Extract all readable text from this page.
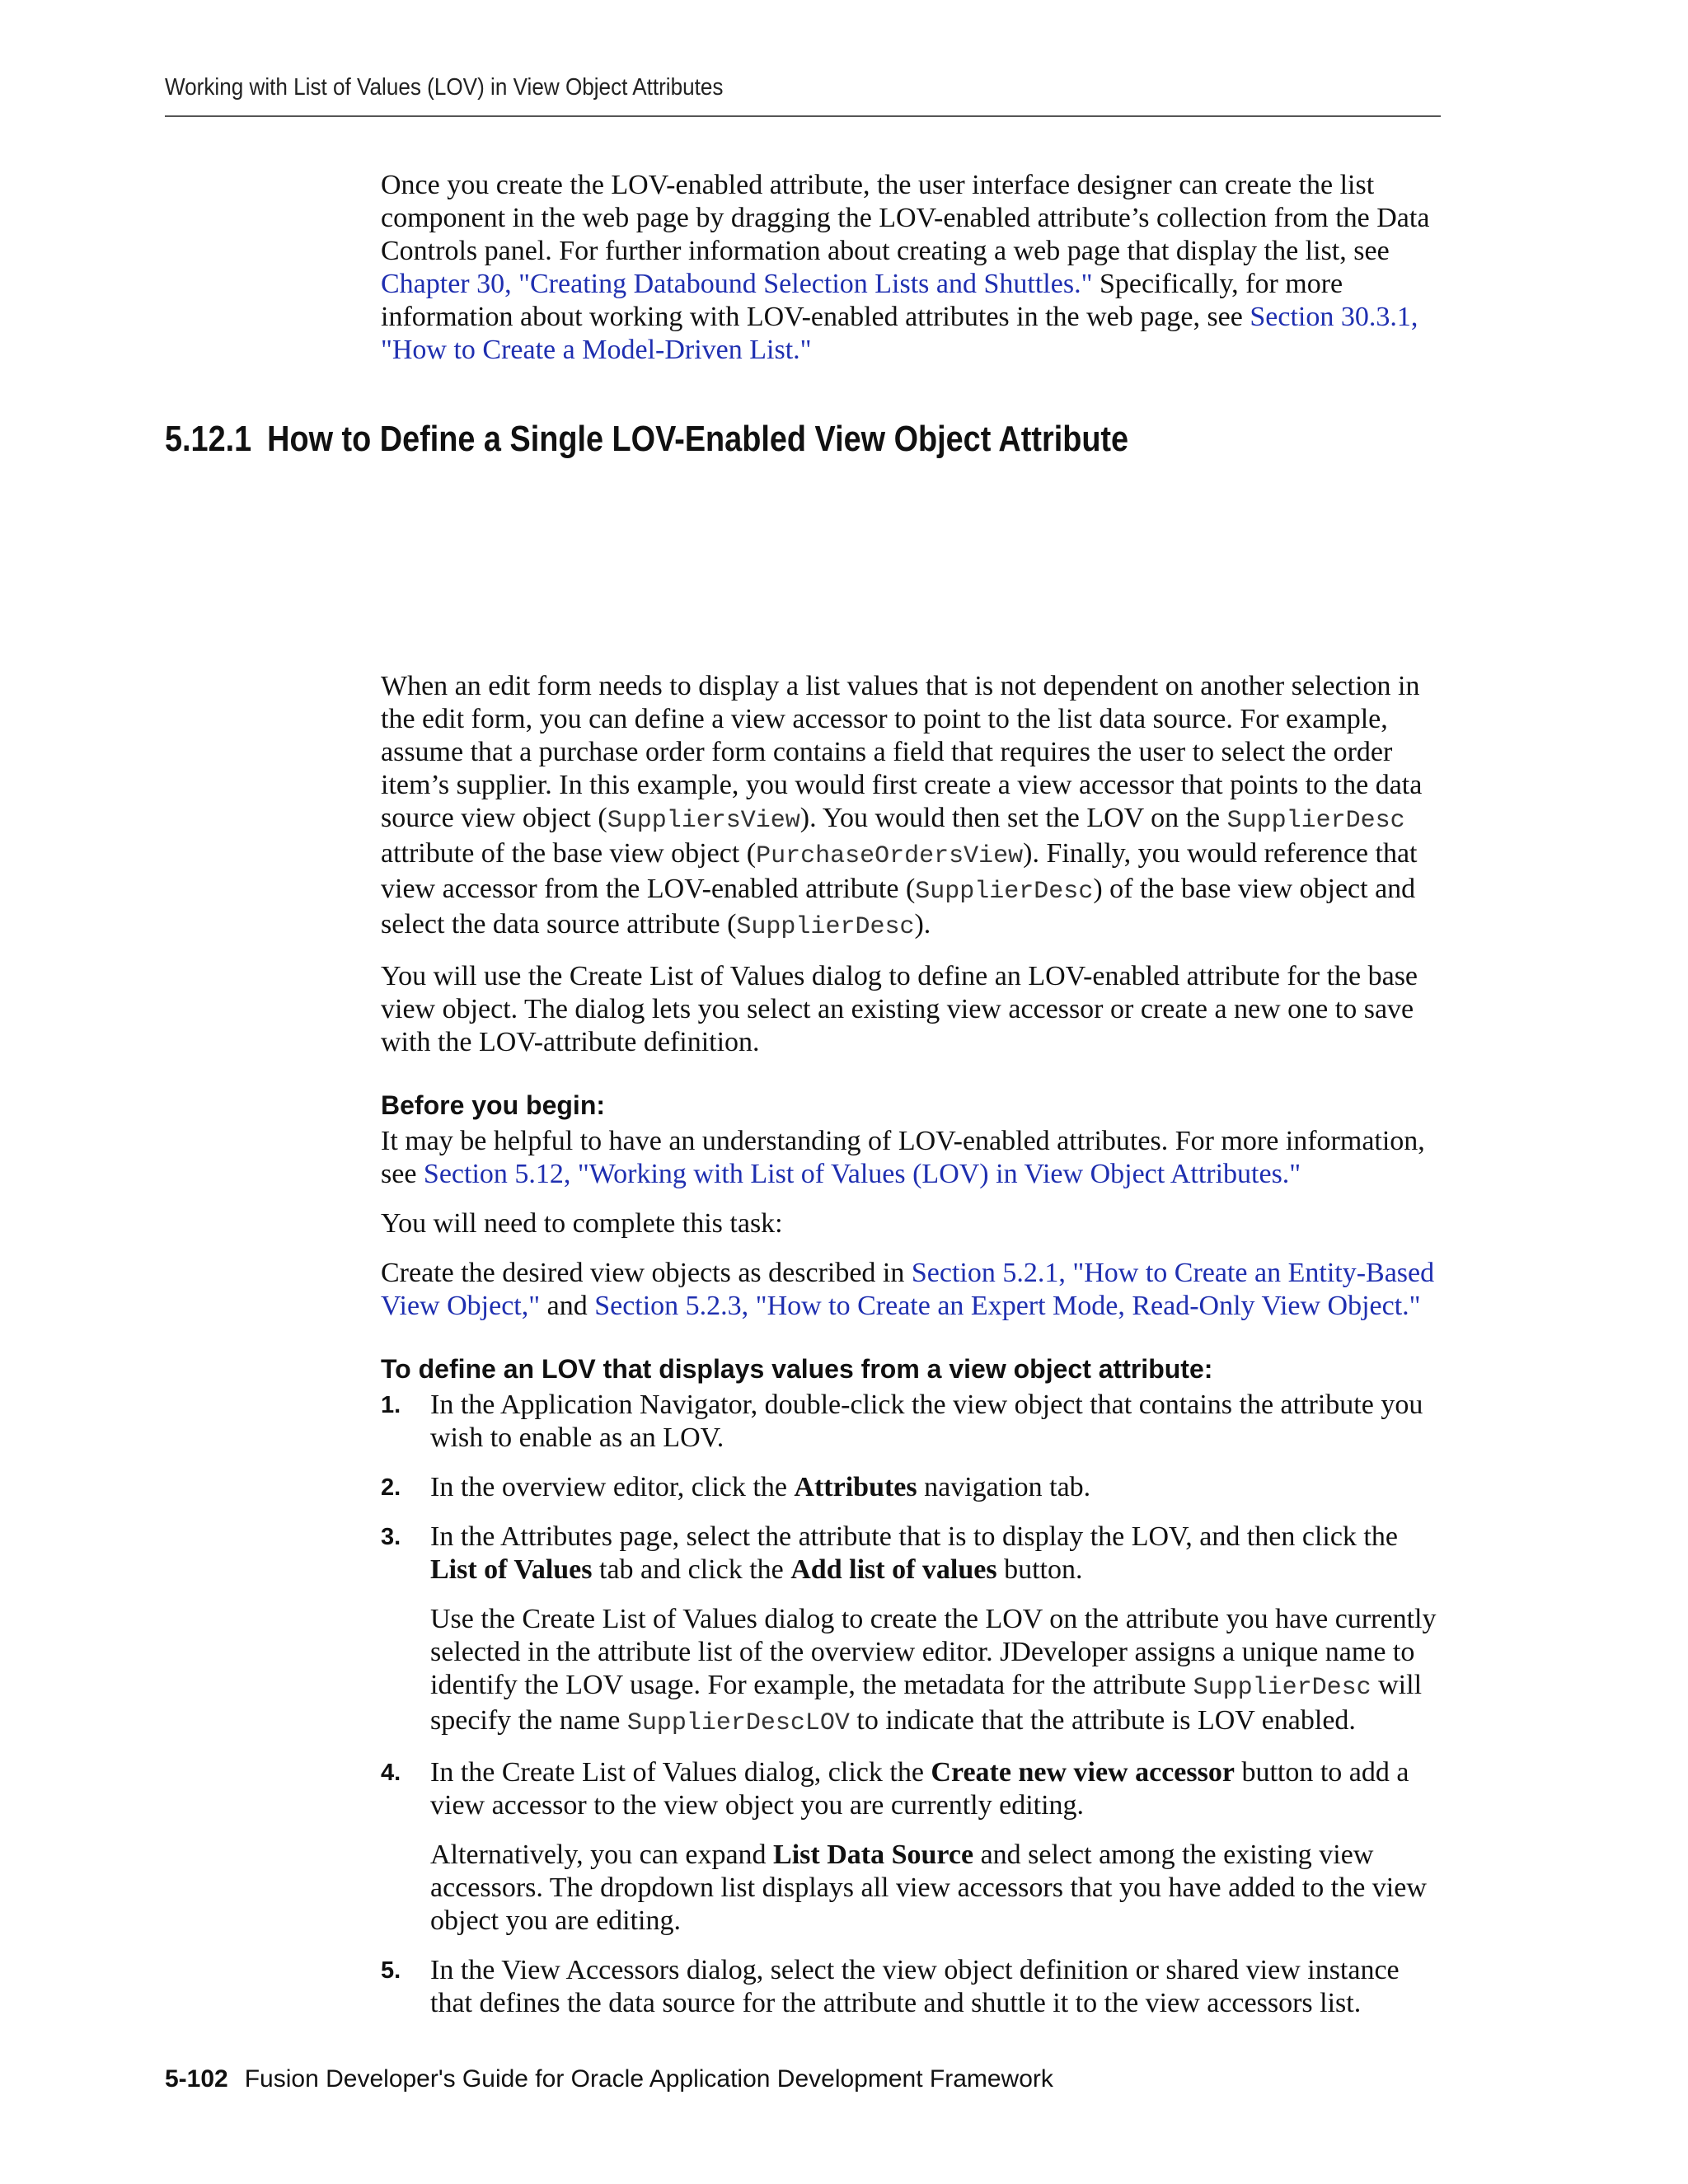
Working with List of Values (LOV) in View Object Attributes
5.12.1 How to Define a Single LOV-Enabled View Object Attribute

Once you create the LOV-enabled attribute, the user interface designer can create the list component in the web page by dragging the LOV-enabled attribute’s collection from the Data Controls panel. For further information about creating a web page that display the list, see Chapter 30, "Creating Databound Selection Lists and Shuttles." Specifically, for more information about working with LOV-enabled attributes in the web page, see Section 30.3.1, "How to Create a Model-Driven List."

When an edit form needs to display a list values that is not dependent on another selection in the edit form, you can define a view accessor to point to the list data source. For example, assume that a purchase order form contains a field that requires the user to select the order item’s supplier. In this example, you would first create a view accessor that points to the data source view object (SuppliersView). You would then set the LOV on the SupplierDesc attribute of the base view object (PurchaseOrdersView). Finally, you would reference that view accessor from the LOV-enabled attribute (SupplierDesc) of the base view object and select the data source attribute (SupplierDesc).

You will use the Create List of Values dialog to define an LOV-enabled attribute for the base view object. The dialog lets you select an existing view accessor or create a new one to save with the LOV-attribute definition.

Before you begin:

It may be helpful to have an understanding of LOV-enabled attributes. For more information, see Section 5.12, "Working with List of Values (LOV) in View Object Attributes."

You will need to complete this task:

Create the desired view objects as described in Section 5.2.1, "How to Create an Entity-Based View Object," and Section 5.2.3, "How to Create an Expert Mode, Read-Only View Object."

To define an LOV that displays values from a view object attribute:
1. In the Application Navigator, double-click the view object that contains the attribute you wish to enable as an LOV.

2. In the overview editor, click the Attributes navigation tab.

3. In the Attributes page, select the attribute that is to display the LOV, and then click the List of Values tab and click the Add list of values button.

Use the Create List of Values dialog to create the LOV on the attribute you have currently selected in the attribute list of the overview editor. JDeveloper assigns a unique name to identify the LOV usage. For example, the metadata for the attribute SupplierDesc will specify the name SupplierDescLOV to indicate that the attribute is LOV enabled.

4. In the Create List of Values dialog, click the Create new view accessor button to add a view accessor to the view object you are currently editing.

Alternatively, you can expand List Data Source and select among the existing view accessors. The dropdown list displays all view accessors that you have added to the view object you are editing.

5. In the View Accessors dialog, select the view object definition or shared view instance that defines the data source for the attribute and shuttle it to the view accessors list.

5-102 Fusion Developer's Guide for Oracle Application Development Framework
